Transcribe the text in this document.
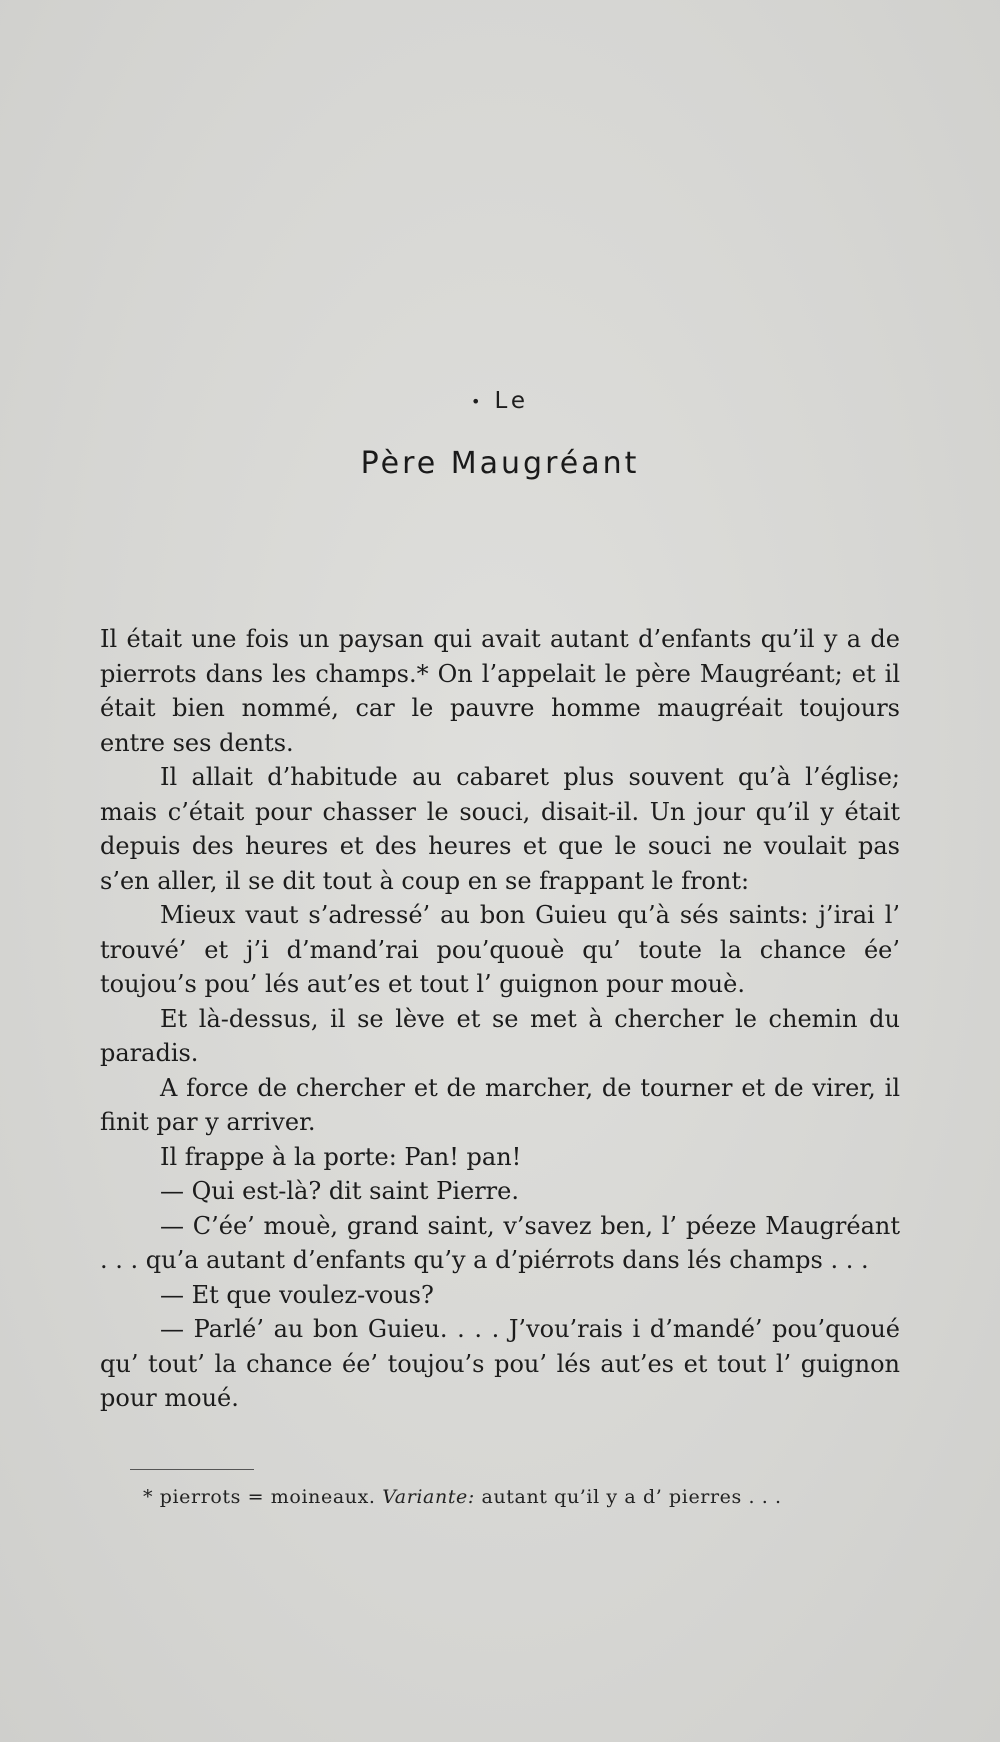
• Le
Père Maugréant

Il était une fois un paysan qui avait autant d’enfants qu’il y a de pierrots dans les champs.* On l’appelait le père Maugréant; et il était bien nommé, car le pauvre homme maugréait toujours entre ses dents.

Il allait d’habitude au cabaret plus souvent qu’à l’église; mais c’était pour chasser le souci, disait-il. Un jour qu’il y était depuis des heures et des heures et que le souci ne voulait pas s’en aller, il se dit tout à coup en se frappant le front:

Mieux vaut s’adressé’ au bon Guieu qu’à sés saints: j’irai l’ trouvé’ et j’i d’mand’rai pou’quouè qu’ toute la chance ée’ toujou’s pou’ lés aut’es et tout l’ guignon pour mouè.

Et là-dessus, il se lève et se met à chercher le chemin du paradis.

A force de chercher et de marcher, de tourner et de virer, il finit par y arriver.

Il frappe à la porte: Pan! pan!

— Qui est-là? dit saint Pierre.

— C’ée’ mouè, grand saint, v’savez ben, l’ péeze Maugréant . . . qu’a autant d’enfants qu’y a d’piérrots dans lés champs . . .

— Et que voulez-vous?

— Parlé’ au bon Guieu. . . . J’vou’rais i d’mandé’ pou’quoué qu’ tout’ la chance ée’ toujou’s pou’ lés aut’es et tout l’ guignon pour moué.

* pierrots = moineaux. Variante: autant qu’il y a d’ pierres . . .
